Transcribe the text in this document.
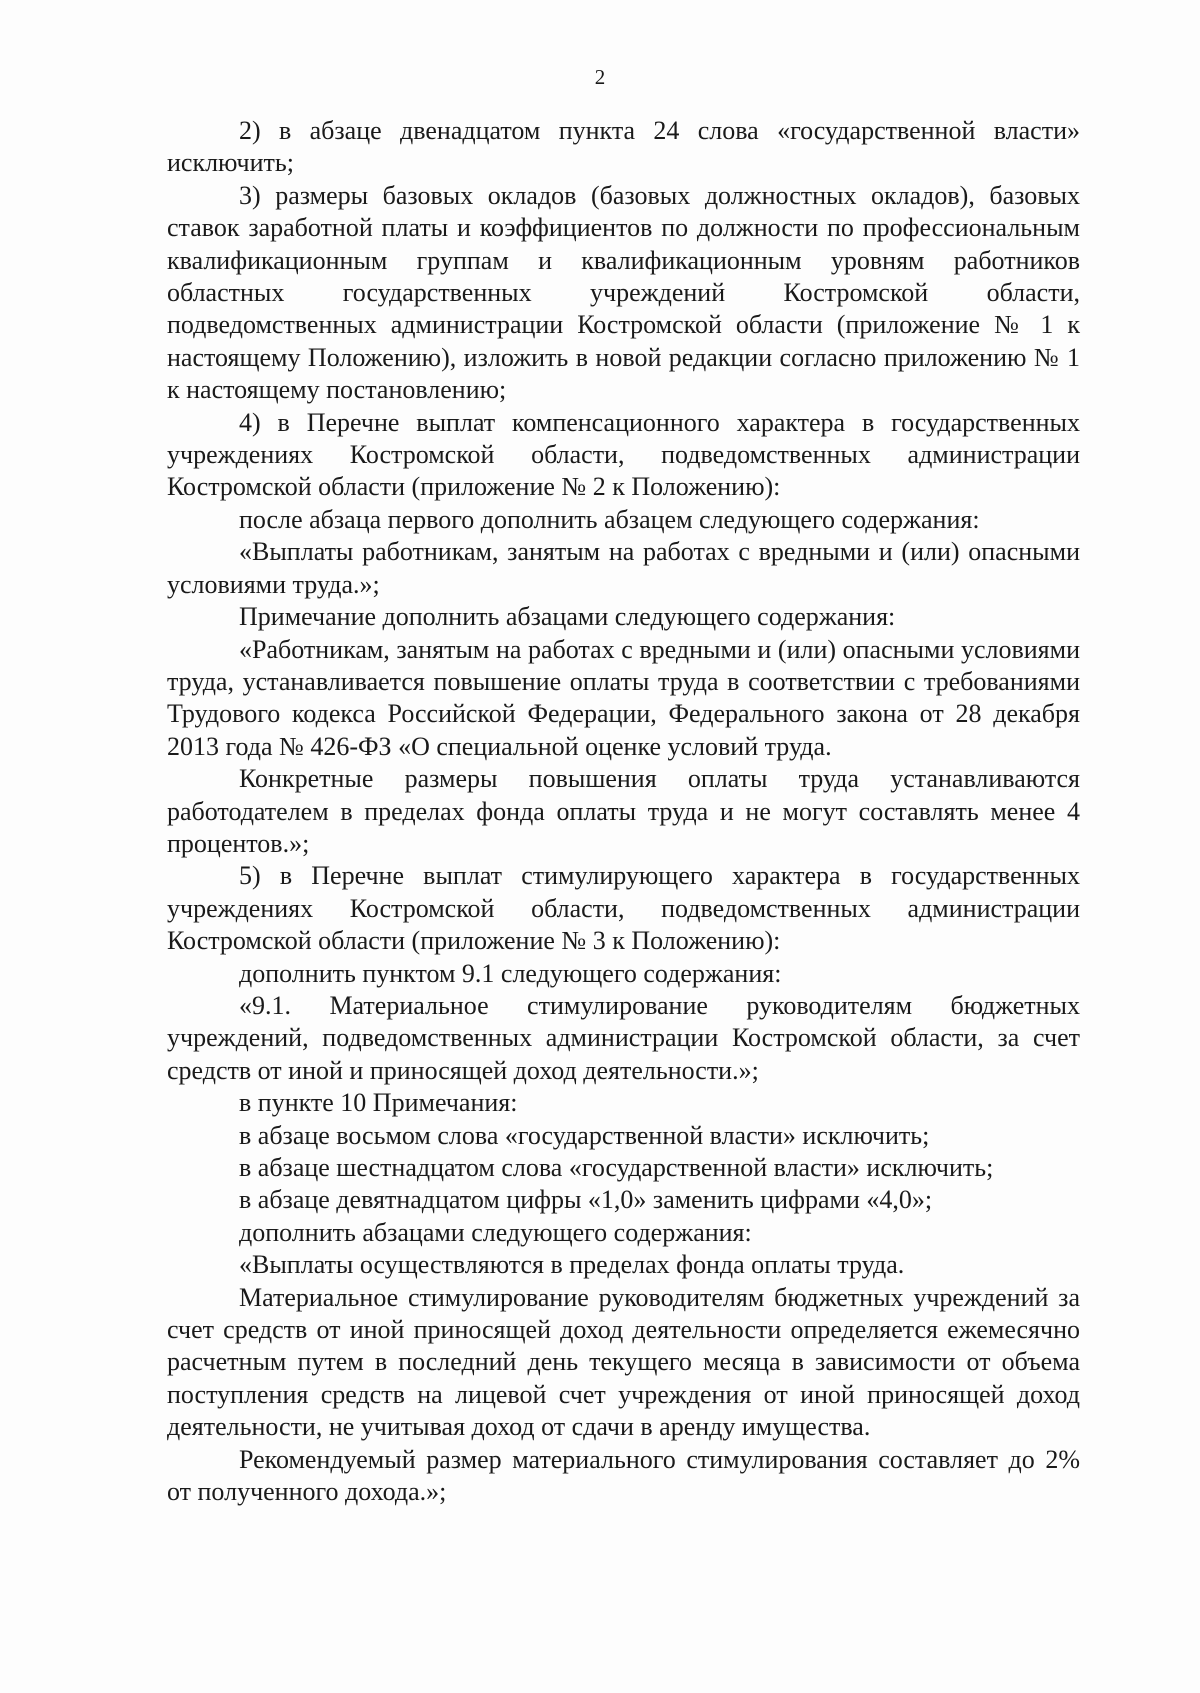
2

2) в абзаце двенадцатом пункта 24 слова «государственной власти» исключить;

3) размеры базовых окладов (базовых должностных окладов), базовых ставок заработной платы и коэффициентов по должности по профессиональным квалификационным группам и квалификационным уровням работников областных государственных учреждений Костромской области, подведомственных администрации Костромской области (приложение № 1 к настоящему Положению), изложить в новой редакции согласно приложению № 1 к настоящему постановлению;

4) в Перечне выплат компенсационного характера в государственных учреждениях Костромской области, подведомственных администрации Костромской области (приложение № 2 к Положению):

после абзаца первого дополнить абзацем следующего содержания:

«Выплаты работникам, занятым на работах с вредными и (или) опасными условиями труда.»;

Примечание дополнить абзацами следующего содержания:

«Работникам, занятым на работах с вредными и (или) опасными условиями труда, устанавливается повышение оплаты труда в соответствии с требованиями Трудового кодекса Российской Федерации, Федерального закона от 28 декабря 2013 года № 426-ФЗ «О специальной оценке условий труда.

Конкретные размеры повышения оплаты труда устанавливаются работодателем в пределах фонда оплаты труда и не могут составлять менее 4 процентов.»;

5) в Перечне выплат стимулирующего характера в государственных учреждениях Костромской области, подведомственных администрации Костромской области (приложение № 3 к Положению):

дополнить пунктом 9.1 следующего содержания:

«9.1. Материальное стимулирование руководителям бюджетных учреждений, подведомственных администрации Костромской области, за счет средств от иной и приносящей доход деятельности.»;

в пункте 10 Примечания:

в абзаце восьмом слова «государственной власти» исключить;

в абзаце шестнадцатом слова «государственной власти» исключить;

в абзаце девятнадцатом цифры «1,0» заменить цифрами «4,0»;

дополнить абзацами следующего содержания:

«Выплаты осуществляются в пределах фонда оплаты труда.

Материальное стимулирование руководителям бюджетных учреждений за счет средств от иной приносящей доход деятельности определяется ежемесячно расчетным путем в последний день текущего месяца в зависимости от объема поступления средств на лицевой счет учреждения от иной приносящей доход деятельности, не учитывая доход от сдачи в аренду имущества.

Рекомендуемый размер материального стимулирования составляет до 2% от полученного дохода.»;
